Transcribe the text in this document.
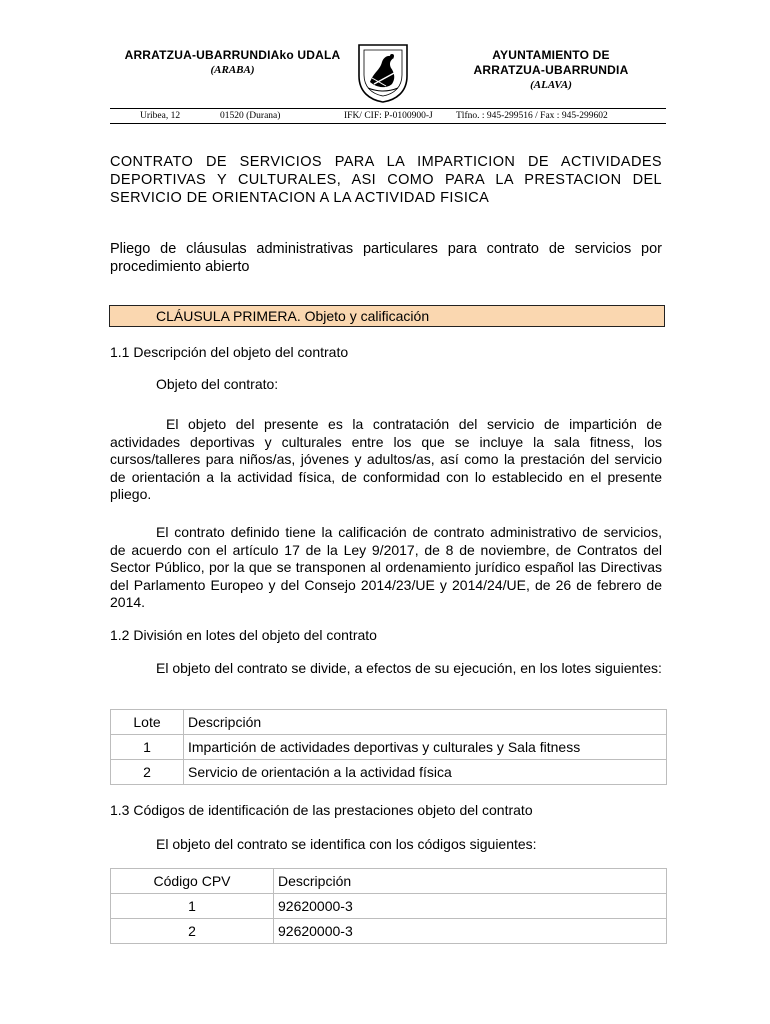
ARRATZUA-UBARRUNDIAko UDALA
(ARABA)
AYUNTAMIENTO DE
ARRATZUA-UBARRUNDIA
(ALAVA)
Uribea, 12	01520 (Durana)	IFK/ CIF: P-0100900-J Tlfno. : 945-299516 / Fax : 945-299602
CONTRATO DE SERVICIOS PARA LA IMPARTICION DE ACTIVIDADES DEPORTIVAS Y CULTURALES, ASI COMO PARA LA PRESTACION DEL SERVICIO DE ORIENTACION A LA ACTIVIDAD FISICA
Pliego de cláusulas administrativas particulares para contrato de servicios por procedimiento abierto
CLÁUSULA PRIMERA. Objeto y calificación
1.1 Descripción del objeto del contrato
Objeto del contrato:
El objeto del presente es la contratación del servicio de impartición de actividades deportivas y culturales entre los que se incluye la sala fitness, los cursos/talleres para niños/as, jóvenes y adultos/as, así como la prestación del servicio de orientación a la actividad física, de conformidad con lo establecido en el presente pliego.
El contrato definido tiene la calificación de contrato administrativo de servicios, de acuerdo con el artículo 17 de la Ley 9/2017, de 8 de noviembre, de Contratos del Sector Público, por la que se transponen al ordenamiento jurídico español las Directivas del Parlamento Europeo y del Consejo 2014/23/UE y 2014/24/UE, de 26 de febrero de 2014.
1.2 División en lotes del objeto del contrato
El objeto del contrato se divide, a efectos de su ejecución, en los lotes siguientes:
Lote	Descripción
1	Impartición de actividades deportivas y culturales y Sala fitness
2	Servicio de orientación a la actividad física
1.3 Códigos de identificación de las prestaciones objeto del contrato
El objeto del contrato se identifica con los códigos siguientes:
Código CPV	Descripción
1	92620000-3
2	92620000-3
